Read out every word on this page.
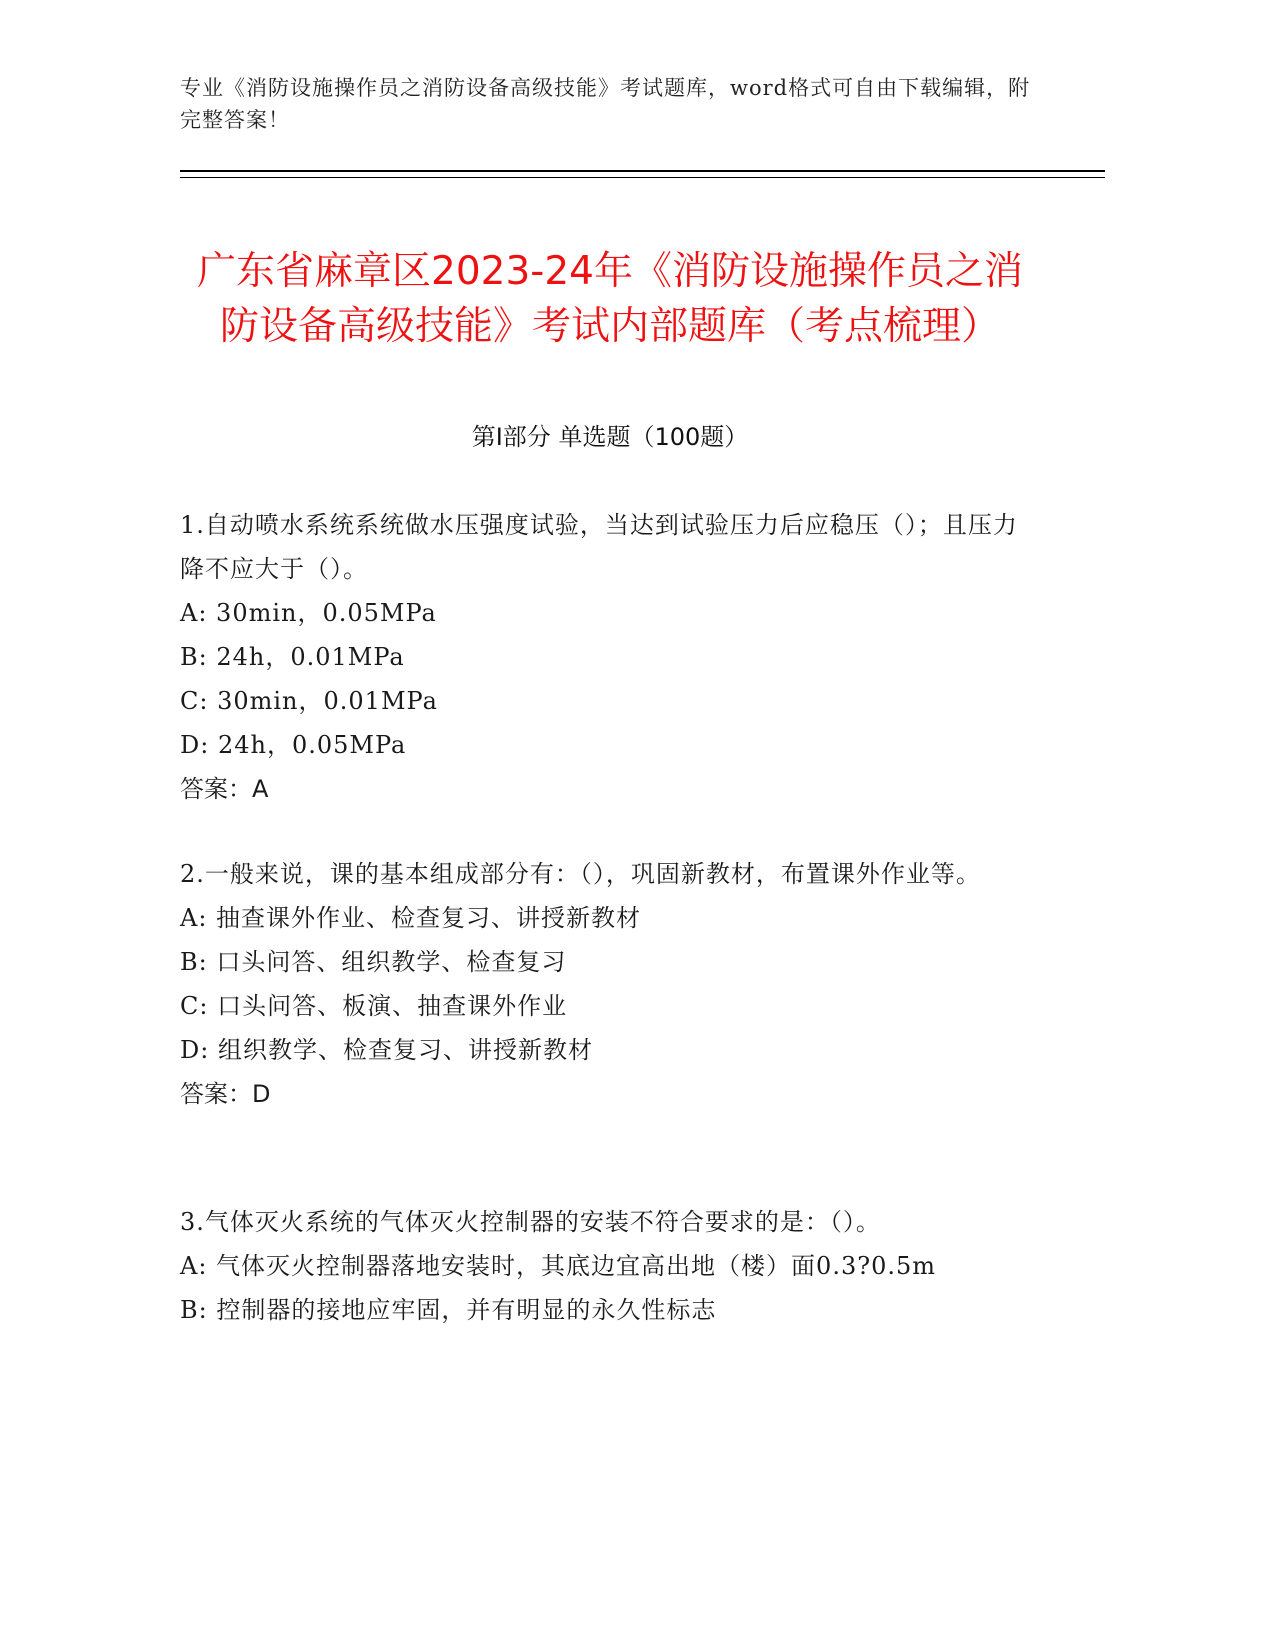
专业《消防设施操作员之消防设备高级技能》考试题库，word格式可自由下载编辑，附完整答案！
广东省麻章区2023-24年《消防设施操作员之消防设备高级技能》考试内部题库（考点梳理）
第Ⅰ部分 单选题（100题）
1.自动喷水系统系统做水压强度试验，当达到试验压力后应稳压（）；且压力降不应大于（）。
A: 30min，0.05MPa
B: 24h，0.01MPa
C: 30min，0.01MPa
D: 24h，0.05MPa
答案：A
2.一般来说，课的基本组成部分有：（），巩固新教材，布置课外作业等。
A: 抽查课外作业、检查复习、讲授新教材
B: 口头问答、组织教学、检查复习
C: 口头问答、板演、抽查课外作业
D: 组织教学、检查复习、讲授新教材
答案：D
3.气体灭火系统的气体灭火控制器的安装不符合要求的是：（）。
A: 气体灭火控制器落地安装时，其底边宜高出地（楼）面0.3?0.5m
B: 控制器的接地应牢固，并有明显的永久性标志
